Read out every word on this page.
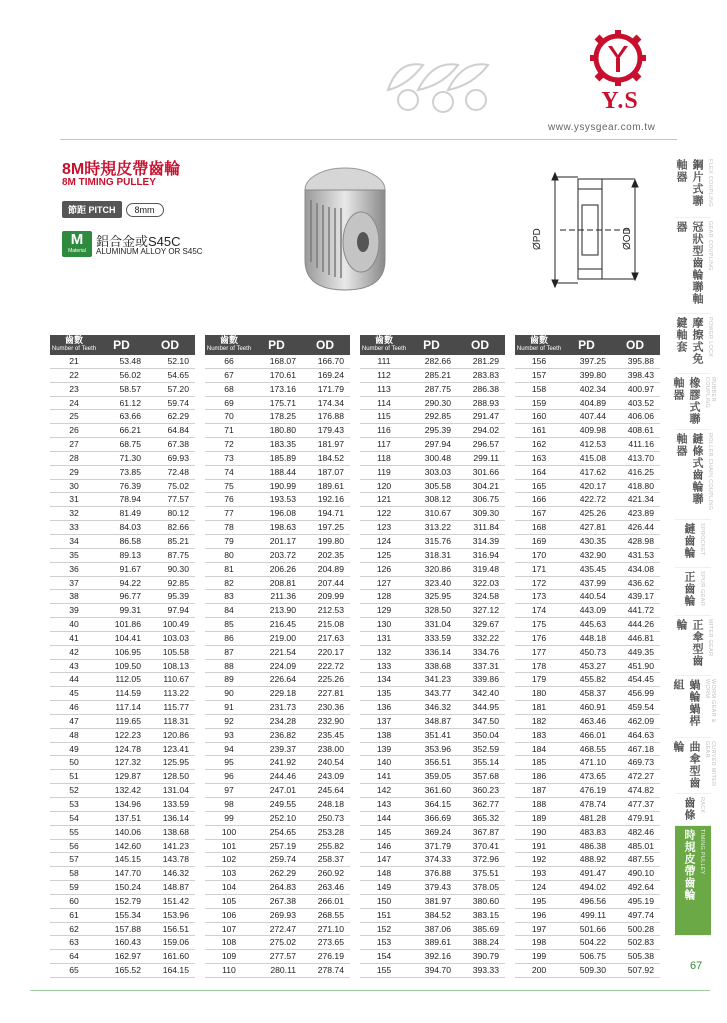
Y.S
www.ysysgear.com.tw
8M時規皮帶齒輪
8M TIMING PULLEY
節距 PITCH	8mm
M
Material
鋁合金或S45C
ALUMINUM ALLOY OR S45C
ØPD	ØOD
齒數
Number of Teeth	PD	OD
21	53.48	52.10
22	56.02	54.65
23	58.57	57.20
24	61.12	59.74
25	63.66	62.29
26	66.21	64.84
27	68.75	67.38
28	71.30	69.93
29	73.85	72.48
30	76.39	75.02
31	78.94	77.57
32	81.49	80.12
33	84.03	82.66
34	86.58	85.21
35	89.13	87.75
36	91.67	90.30
37	94.22	92.85
38	96.77	95.39
39	99.31	97.94
40	101.86	100.49
41	104.41	103.03
42	106.95	105.58
43	109.50	108.13
44	112.05	110.67
45	114.59	113.22
46	117.14	115.77
47	119.65	118.31
48	122.23	120.86
49	124.78	123.41
50	127.32	125.95
51	129.87	128.50
52	132.42	131.04
53	134.96	133.59
54	137.51	136.14
55	140.06	138.68
56	142.60	141.23
57	145.15	143.78
58	147.70	146.32
59	150.24	148.87
60	152.79	151.42
61	155.34	153.96
62	157.88	156.51
63	160.43	159.06
64	162.97	161.60
65	165.52	164.15
齒數
Number of Teeth	PD	OD
66	168.07	166.70
67	170.61	169.24
68	173.16	171.79
69	175.71	174.34
70	178.25	176.88
71	180.80	179.43
72	183.35	181.97
73	185.89	184.52
74	188.44	187.07
75	190.99	189.61
76	193.53	192.16
77	196.08	194.71
78	198.63	197.25
79	201.17	199.80
80	203.72	202.35
81	206.26	204.89
82	208.81	207.44
83	211.36	209.99
84	213.90	212.53
85	216.45	215.08
86	219.00	217.63
87	221.54	220.17
88	224.09	222.72
89	226.64	225.26
90	229.18	227.81
91	231.73	230.36
92	234.28	232.90
93	236.82	235.45
94	239.37	238.00
95	241.92	240.54
96	244.46	243.09
97	247.01	245.64
98	249.55	248.18
99	252.10	250.73
100	254.65	253.28
101	257.19	255.82
102	259.74	258.37
103	262.29	260.92
104	264.83	263.46
105	267.38	266.01
106	269.93	268.55
107	272.47	271.10
108	275.02	273.65
109	277.57	276.19
110	280.11	278.74
齒數
Number of Teeth	PD	OD
111	282.66	281.29
112	285.21	283.83
113	287.75	286.38
114	290.30	288.93
115	292.85	291.47
116	295.39	294.02
117	297.94	296.57
118	300.48	299.11
119	303.03	301.66
120	305.58	304.21
121	308.12	306.75
122	310.67	309.30
123	313.22	311.84
124	315.76	314.39
125	318.31	316.94
126	320.86	319.48
127	323.40	322.03
128	325.95	324.58
129	328.50	327.12
130	331.04	329.67
131	333.59	332.22
132	336.14	334.76
133	338.68	337.31
134	341.23	339.86
135	343.77	342.40
136	346.32	344.95
137	348.87	347.50
138	351.41	350.04
139	353.96	352.59
140	356.51	355.14
141	359.05	357.68
142	361.60	360.23
143	364.15	362.77
144	366.69	365.32
145	369.24	367.87
146	371.79	370.41
147	374.33	372.96
148	376.88	375.51
149	379.43	378.05
150	381.97	380.60
151	384.52	383.15
152	387.06	385.69
153	389.61	388.24
154	392.16	390.79
155	394.70	393.33
齒數
Number of Teeth	PD	OD
156	397.25	395.88
157	399.80	398.43
158	402.34	400.97
159	404.89	403.52
160	407.44	406.06
161	409.98	408.61
162	412.53	411.16
163	415.08	413.70
164	417.62	416.25
165	420.17	418.80
166	422.72	421.34
167	425.26	423.89
168	427.81	426.44
169	430.35	428.98
170	432.90	431.53
171	435.45	434.08
172	437.99	436.62
173	440.54	439.17
174	443.09	441.72
175	445.63	444.26
176	448.18	446.81
177	450.73	449.35
178	453.27	451.90
179	455.82	454.45
180	458.37	456.99
181	460.91	459.54
182	463.46	462.09
183	466.01	464.63
184	468.55	467.18
185	471.10	469.73
186	473.65	472.27
187	476.19	474.82
188	478.74	477.37
189	481.28	479.91
190	483.83	482.46
191	486.38	485.01
192	488.92	487.55
193	491.47	490.10
124	494.02	492.64
195	496.56	495.19
196	499.11	497.74
197	501.66	500.28
198	504.22	502.83
199	506.75	505.38
200	509.30	507.92
鋼片式聯軸器	FLEX COUPLING
冠狀型齒輪聯軸器	GEAR COUPLING
摩擦式免鍵軸套	POWER LOCK
橡膠式聯軸器	RUBBER COUPLING
鏈條式齒輪聯軸器	ROLLER CHAIN COUPLING
鏈齒輪 SPROCKET
正齒輪 SPUR GEAR
正傘型齒輪	MITER GEAR
蝸輪蝸桿組	WORM GEAR & WORM
曲傘型齒輪	CURVED MITER GEAR
齒條 RACK
時規皮帶齒輪 TIMING PULLEY
67
